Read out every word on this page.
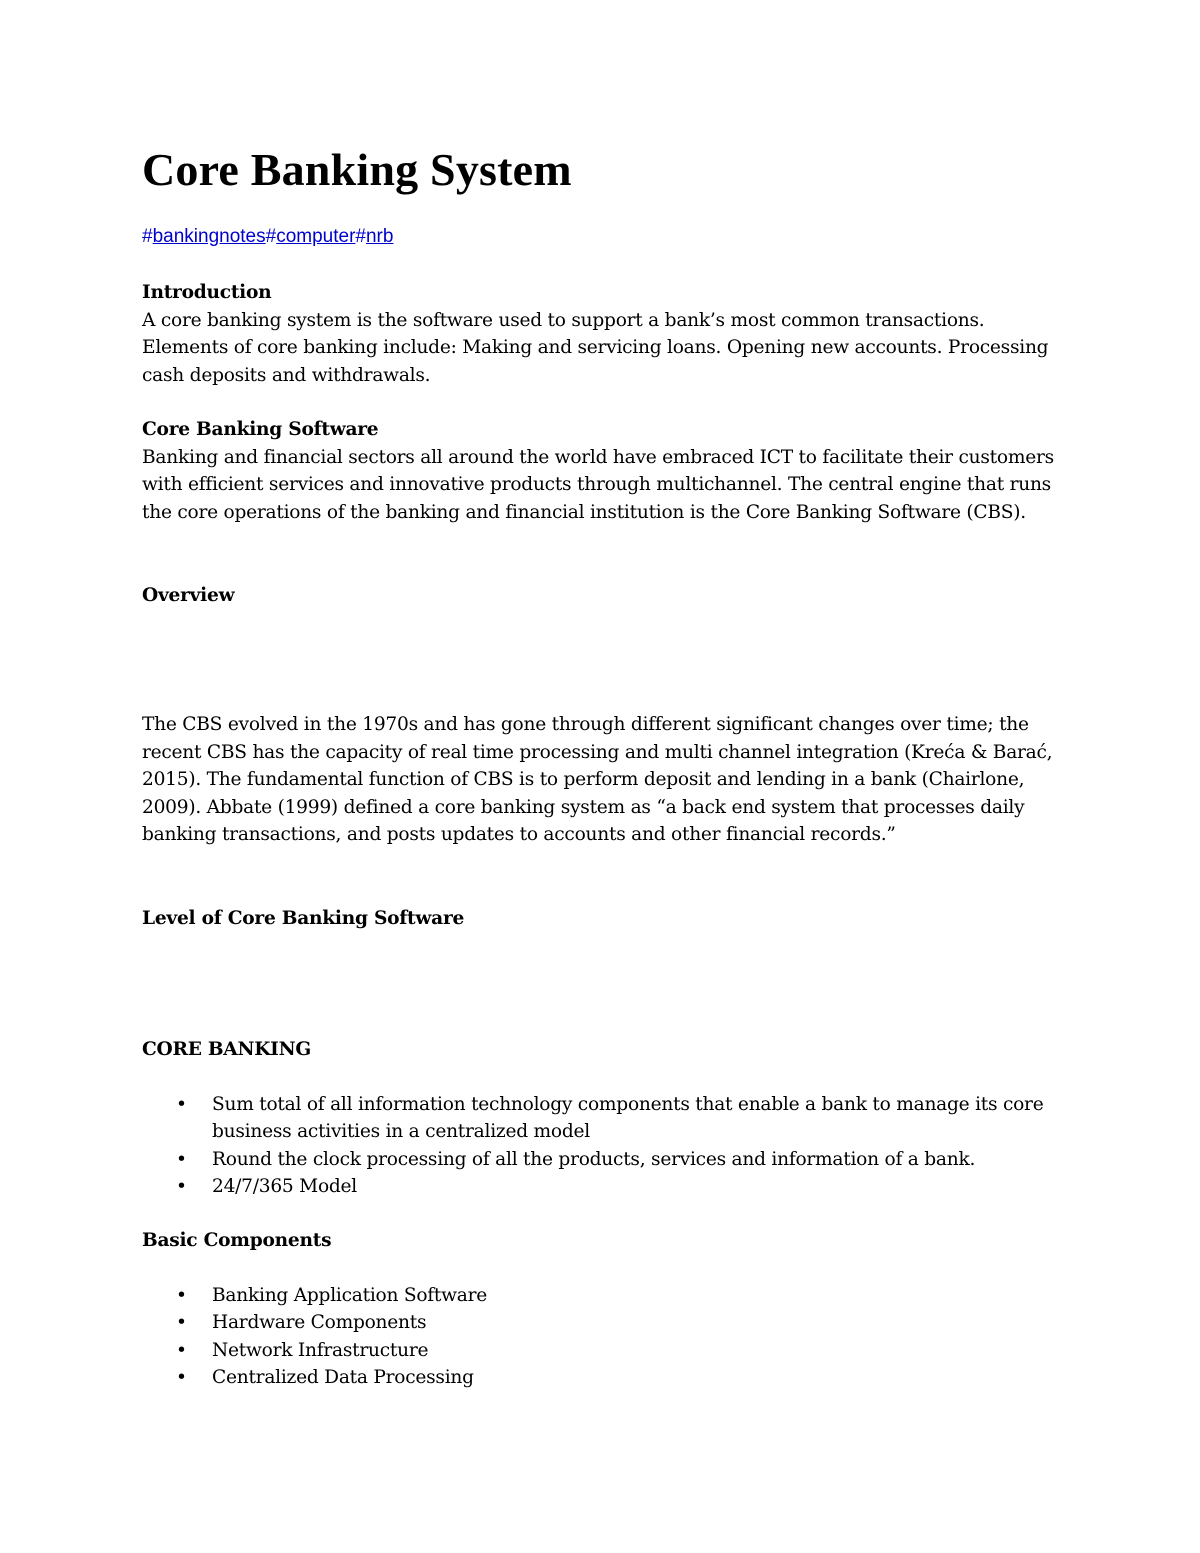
Core Banking System
#bankingnotes#computer#nrb
Introduction
A core banking system is the software used to support a bank’s most common transactions. Elements of core banking include: Making and servicing loans. Opening new accounts. Processing cash deposits and withdrawals.
Core Banking Software
Banking and financial sectors all around the world have embraced ICT to facilitate their customers with efficient services and innovative products through multichannel. The central engine that runs the core operations of the banking and financial institution is the Core Banking Software (CBS).
Overview
The CBS evolved in the 1970s and has gone through different significant changes over time; the recent CBS has the capacity of real time processing and multi channel integration (Kreća & Barać, 2015). The fundamental function of CBS is to perform deposit and lending in a bank (Chairlone, 2009). Abbate (1999) defined a core banking system as “a back end system that processes daily banking transactions, and posts updates to accounts and other financial records.”
Level of Core Banking Software
CORE BANKING
• Sum total of all information technology components that enable a bank to manage its core business activities in a centralized model
• Round the clock processing of all the products, services and information of a bank.
• 24/7/365 Model
Basic Components
• Banking Application Software
• Hardware Components
• Network Infrastructure
• Centralized Data Processing
